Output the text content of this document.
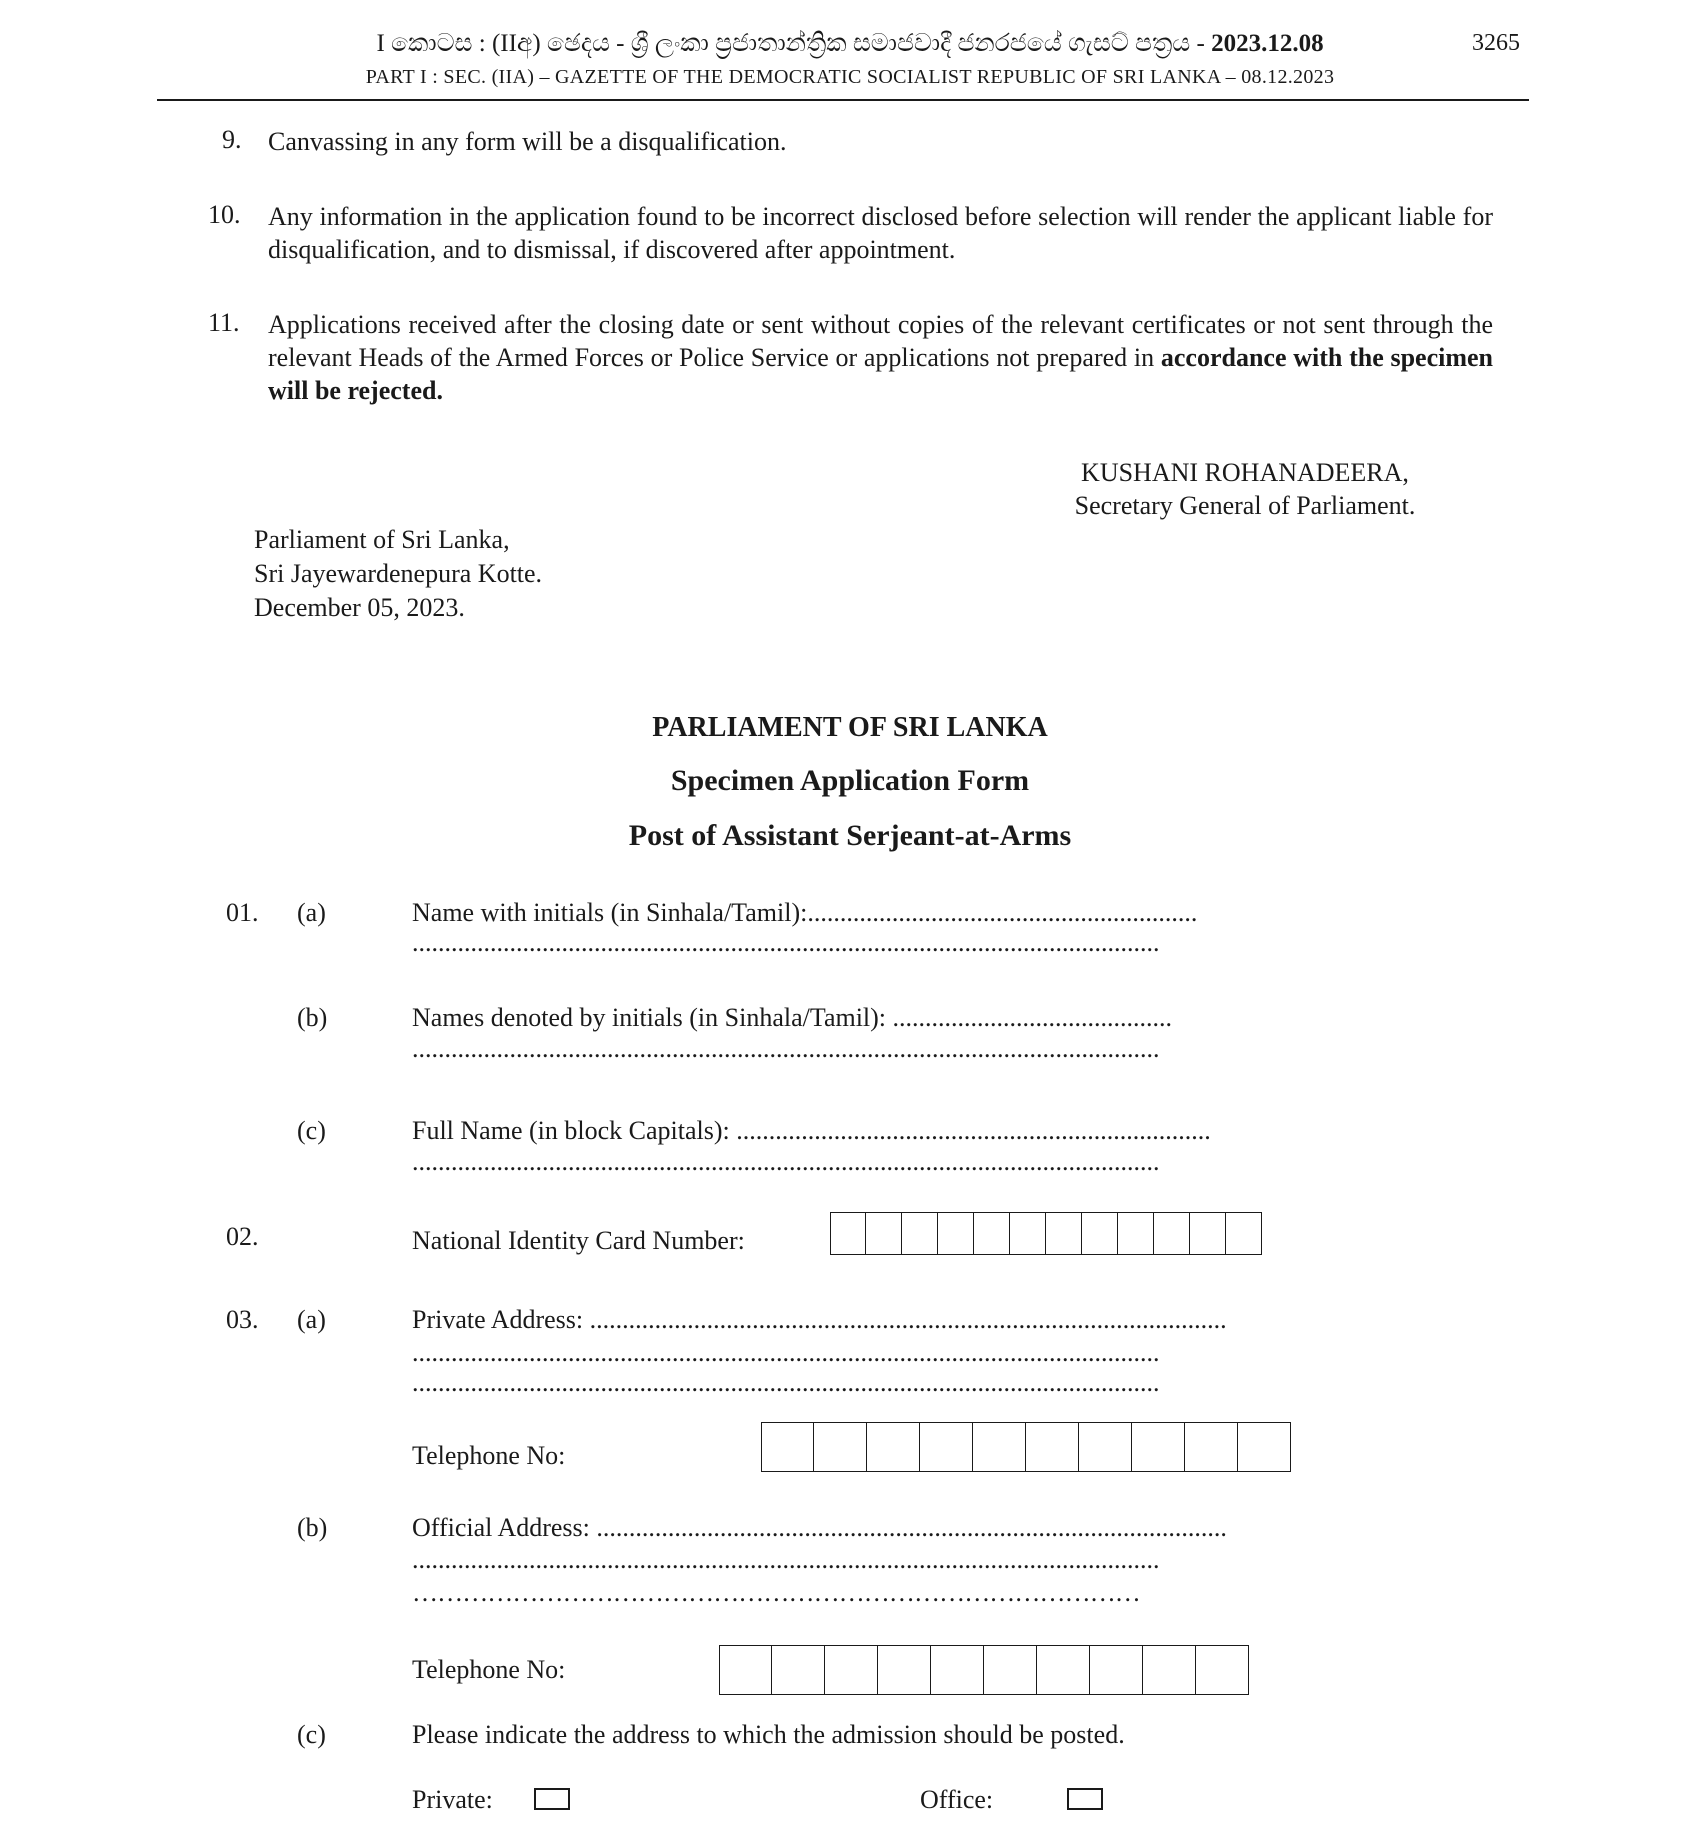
I කොටස : (IIඅ) ඡෙදය - ශ්‍රී ලංකා ප්‍රජාතාන්ත්‍රික සමාජවාදී ජනරජයේ ගැසට් පත්‍රය - 2023.12.08
PART I : SEC. (IIA) – GAZETTE OF THE DEMOCRATIC SOCIALIST REPUBLIC OF SRI LANKA – 08.12.2023
3265
9. Canvassing in any form will be a disqualification.
10. Any information in the application found to be incorrect disclosed before selection will render the applicant liable for disqualification, and to dismissal, if discovered after appointment.
11. Applications received after the closing date or sent without copies of the relevant certificates or not sent through the relevant Heads of the Armed Forces or Police Service or applications not prepared in accordance with the specimen will be rejected.
KUSHANI ROHANADEERA,
Secretary General of Parliament.
Parliament of Sri Lanka,
Sri Jayewardenepura Kotte.
December 05, 2023.
PARLIAMENT OF SRI LANKA
Specimen Application Form
Post of Assistant Serjeant-at-Arms
01. (a)	Name with initials (in Sinhala/Tamil):............................................................
...................................................................................................................
(b)	Names denoted by initials (in Sinhala/Tamil): ...........................................
...................................................................................................................
(c)	Full Name (in block Capitals): .........................................................................
...................................................................................................................
02.	National Identity Card Number:
03. (a)	Private Address: ..................................................................................................
...................................................................................................................
...................................................................................................................
Telephone No:
(b)	Official Address: .................................................................................................
...................................................................................................................
……………………………………………………………………………
Telephone No:
(c)	Please indicate the address to which the admission should be posted.
Private:	Office:
